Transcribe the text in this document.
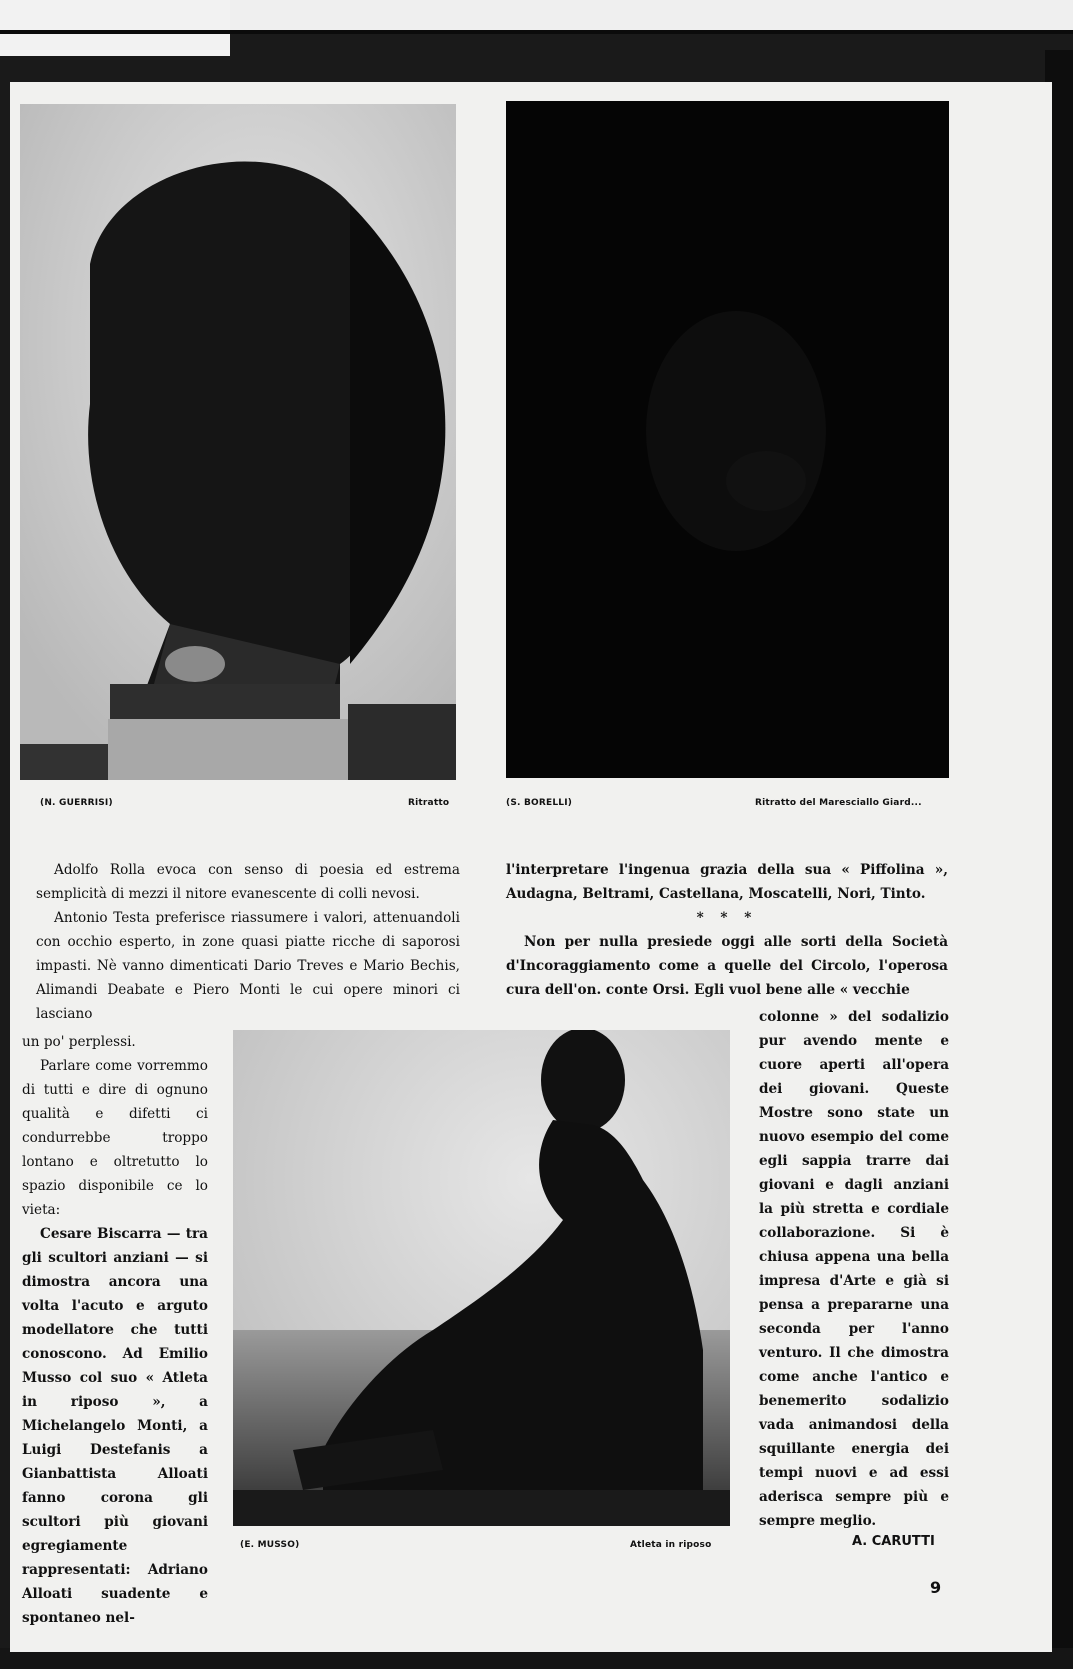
(N. GUERRISI)	Ritratto	(S. BORELLI)	Ritratto del Maresciallo Giard...
(E. MUSSO)	Atleta in riposo

Adolfo Rolla evoca con senso di poesia ed estrema semplicità di mezzi il nitore evanescente di colli nevosi.

Antonio Testa preferisce riassumere i valori, attenuandoli con occhio esperto, in zone quasi piatte ricche di saporosi impasti. Nè vanno dimenticati Dario Treves e Mario Bechis, Alimandi Deabate e Piero Monti le cui opere minori ci lasciano

un po' perplessi.

Parlare come vorremmo di tutti e dire di ognuno qualità e difetti ci condurrebbe troppo lontano e oltretutto lo spazio disponibile ce lo vieta:

Cesare Biscarra — tra gli scultori anziani — si dimostra ancora una volta l'acuto e arguto modellatore che tutti conoscono. Ad Emilio Musso col suo « Atleta in riposo », a Michelangelo Monti, a Luigi Destefanis a Gianbattista Alloati fanno corona gli scultori più giovani egregiamente rappresentati: Adriano Alloati suadente e spontaneo nel-

l'interpretare l'ingenua grazia della sua « Piffolina », Audagna, Beltrami, Castellana, Moscatelli, Nori, Tinto.

* * *

Non per nulla presiede oggi alle sorti della Società d'Incoraggiamento come a quelle del Circolo, l'operosa cura dell'on. conte Orsi. Egli vuol bene alle « vecchie

colonne » del sodalizio pur avendo mente e cuore aperti all'opera dei giovani. Queste Mostre sono state un nuovo esempio del come egli sappia trarre dai giovani e dagli anziani la più stretta e cordiale collaborazione. Si è chiusa appena una bella impresa d'Arte e già si pensa a prepararne una seconda per l'anno venturo. Il che dimostra come anche l'antico e benemerito sodalizio vada animandosi della squillante energia dei tempi nuovi e ad essi aderisca sempre più e sempre meglio.

A. CARUTTI
9
